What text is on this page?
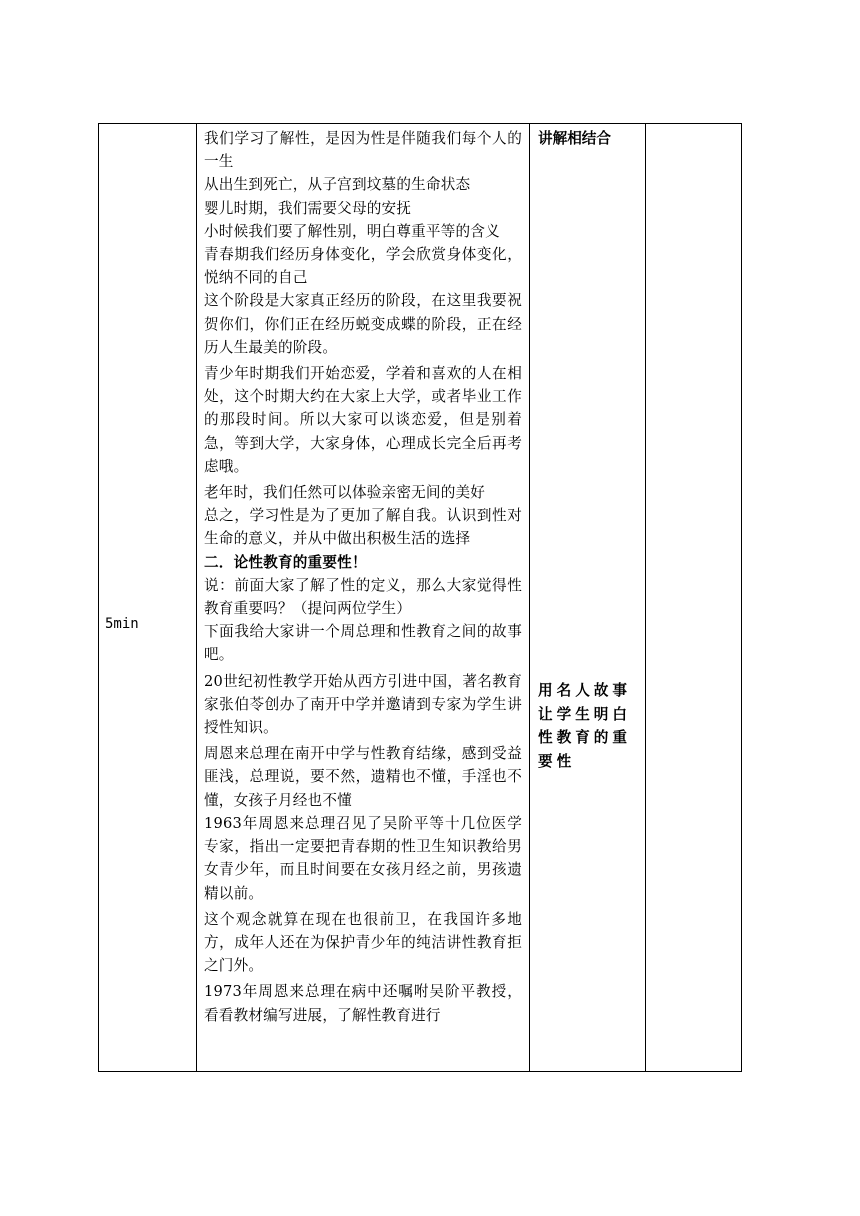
5min

我们学习了解性，是因为性是伴随我们每个人的一生

从出生到死亡，从子宫到坟墓的生命状态

婴儿时期，我们需要父母的安抚

小时候我们要了解性别，明白尊重平等的含义

青春期我们经历身体变化，学会欣赏身体变化，悦纳不同的自己

这个阶段是大家真正经历的阶段，在这里我要祝贺你们，你们正在经历蜕变成蝶的阶段，正在经历人生最美的阶段。

青少年时期我们开始恋爱，学着和喜欢的人在相处，这个时期大约在大家上大学，或者毕业工作的那段时间。所以大家可以谈恋爱，但是别着急，等到大学，大家身体，心理成长完全后再考虑哦。

老年时，我们任然可以体验亲密无间的美好

总之，学习性是为了更加了解自我。认识到性对生命的意义，并从中做出积极生活的选择

二．论性教育的重要性！

说：前面大家了解了性的定义，那么大家觉得性教育重要吗？（提问两位学生）

下面我给大家讲一个周总理和性教育之间的故事吧。

20世纪初性教学开始从西方引进中国，著名教育家张伯苓创办了南开中学并邀请到专家为学生讲授性知识。

周恩来总理在南开中学与性教育结缘，感到受益匪浅，总理说，要不然，遗精也不懂，手淫也不懂，女孩子月经也不懂

1963年周恩来总理召见了吴阶平等十几位医学专家，指出一定要把青春期的性卫生知识教给男女青少年，而且时间要在女孩月经之前，男孩遗精以前。

这个观念就算在现在也很前卫，在我国许多地方，成年人还在为保护青少年的纯洁讲性教育拒之门外。

1973年周恩来总理在病中还嘱咐吴阶平教授，看看教材编写进展，了解性教育进行

讲解相结合
用名人故事让学生明白性教育的重要性
